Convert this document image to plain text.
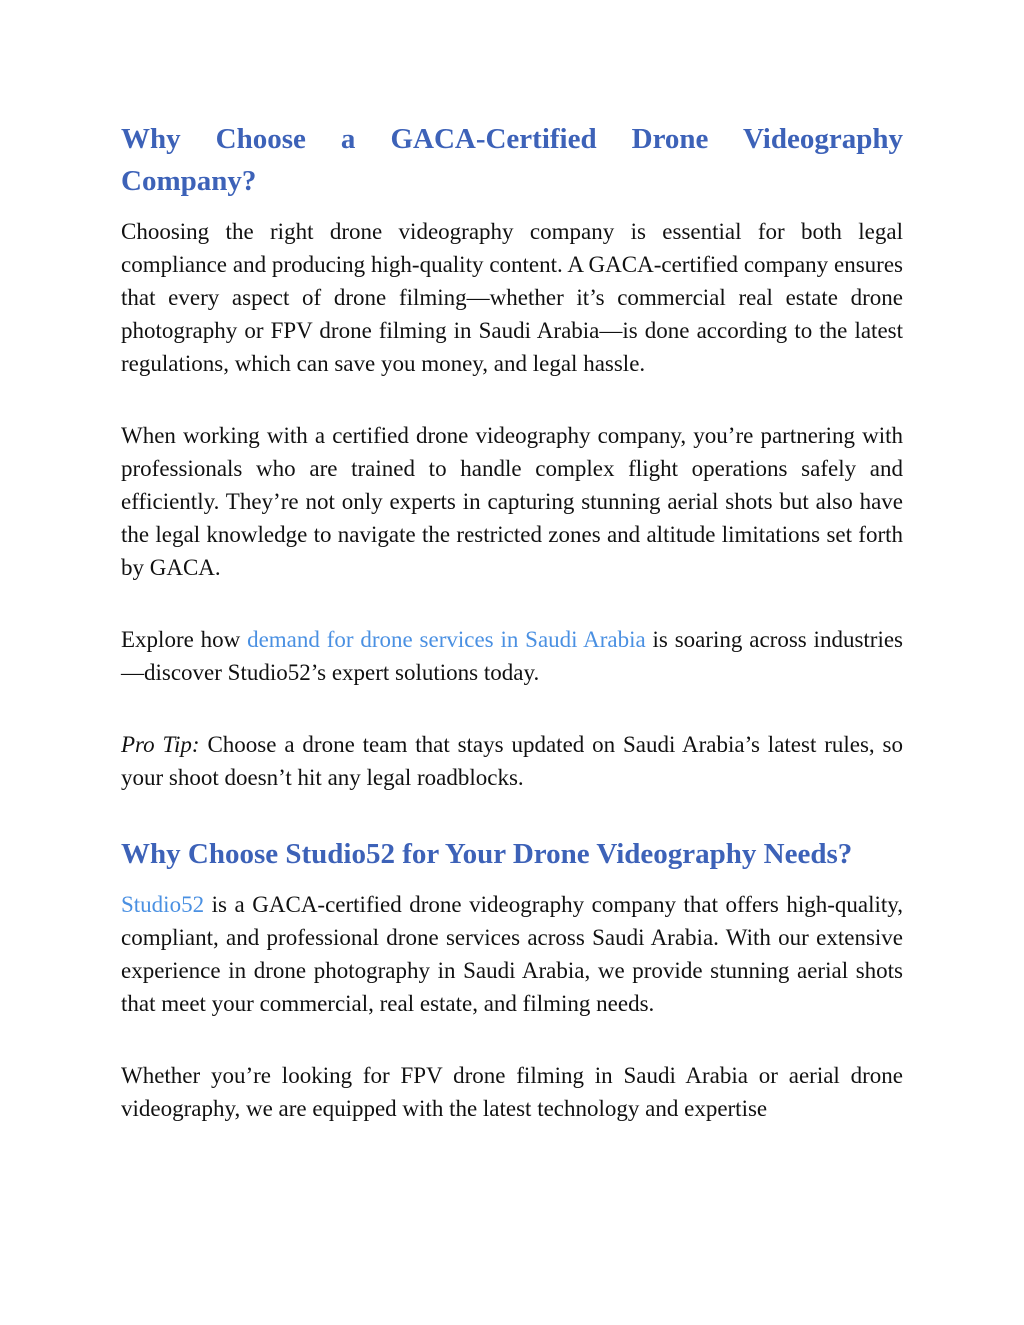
Why Choose a GACA-Certified Drone Videography Company?

Choosing the right drone videography company is essential for both legal compliance and producing high-quality content. A GACA-certified company ensures that every aspect of drone filming—whether it’s commercial real estate drone photography or FPV drone filming in Saudi Arabia—is done according to the latest regulations, which can save you money, and legal hassle.

When working with a certified drone videography company, you’re partnering with professionals who are trained to handle complex flight operations safely and efficiently. They’re not only experts in capturing stunning aerial shots but also have the legal knowledge to navigate the restricted zones and altitude limitations set forth by GACA.

Explore how demand for drone services in Saudi Arabia is soaring across industries—discover Studio52’s expert solutions today.

Pro Tip: Choose a drone team that stays updated on Saudi Arabia’s latest rules, so your shoot doesn’t hit any legal roadblocks.

Why Choose Studio52 for Your Drone Videography Needs?

Studio52 is a GACA-certified drone videography company that offers high-quality, compliant, and professional drone services across Saudi Arabia. With our extensive experience in drone photography in Saudi Arabia, we provide stunning aerial shots that meet your commercial, real estate, and filming needs.

Whether you’re looking for FPV drone filming in Saudi Arabia or aerial drone videography, we are equipped with the latest technology and expertise
